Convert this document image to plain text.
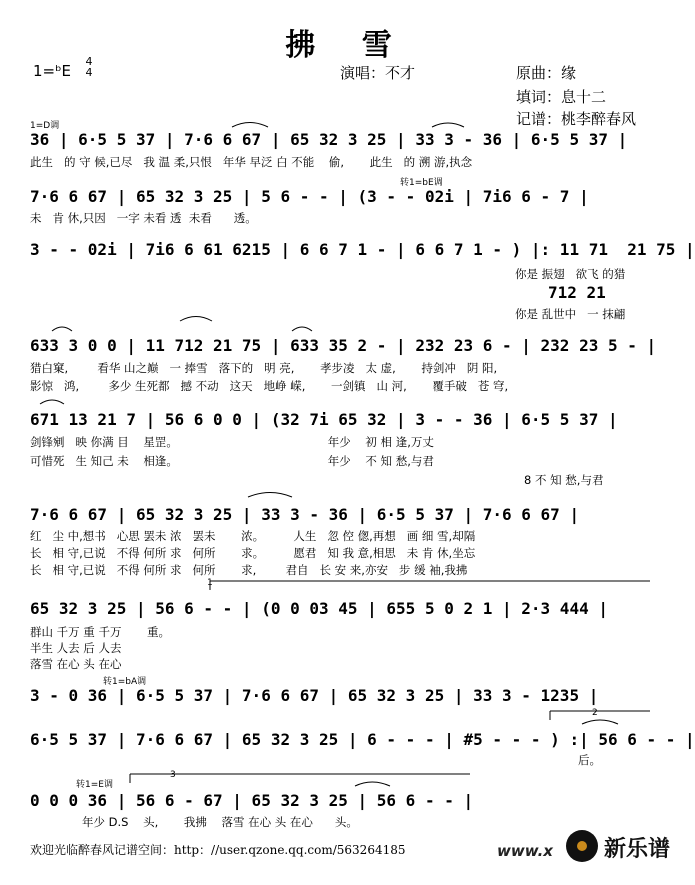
拂 雪
1=ᵇE
4
4	演唱：不才	原曲：缘
填词：息十二
记谱：桃李醉春风
1=D调
36 | 6·5 5 37 | 7·6 6 67 | 65 32 3 25 | 33 3 - 36 | 6·5 5 37 |
此生   的 守 候,已尽   我 温 柔,只恨   年华 早泛 白 不能    偷,       此生   的 溯 游,执念
转1=bE调
7·6 6 67 | 65 32 3 25 | 5 6 - - | (3 - - 02i | 7i6 6 - 7 |
未   肯 休,只因   一字 未看 透  未看      透。
3 - - 02i | 7i6 6 61 6215 | 6 6 7 1 - | 6 6 7 1 - ) |: 11 71  21 75 |
你是 振翅   欲飞 的猎
712 21
你是 乱世中   一 抹翩
633 3 0 0 | 11 712 21 75 | 633 35 2 - | 232 23 6 - | 232 23 5 - |
猎白窠,        看华 山之巅   一 捧雪   落下的   明 亮,       孝步凌   太 虚,       持剑冲   阴 阳,
影惊   鸿,        多少 生死都   撼 不动   这天   地峥 嵘,       一剑镇   山 河,       覆手破   苍 穹,
671 13 21 7 | 56 6 0 0 | (32 7i 65 32 | 3 - - 36 | 6·5 5 37 |
剑锋剜   映 你满 目    星罡。                                         年少    初 相 逢,万丈
可惜死   生 知己 未    相逢。                                         年少    不 知 愁,与君
8 不 知 愁,与君
7·6 6 67 | 65 32 3 25 | 33 3 - 36 | 6·5 5 37 | 7·6 6 67 |
红   尘 中,想书   心思 罢未 浓   罢未       浓。        人生   忽 倥 偬,再想   画 细 雪,却隔
长   相 守,已说   不得 何所 求   何所       求。        愿君   知 我 意,相思   未 肯 休,坐忘
长   相 守,已说   不得 何所 求   何所       求,        君自   长 安 来,亦安   步 缓 袖,我拂
1
65 32 3 25 | 56 6 - - | (0 0 03 45 | 655 5 0 2 1 | 2·3 444 |
群山 千万 重 千万       重。
半生 人去 后 人去
落雪 在心 头 在心
转1=bA调
3 - 0 36 | 6·5 5 37 | 7·6 6 67 | 65 32 3 25 | 33 3 - 1235 |
2
6·5 5 37 | 7·6 6 67 | 65 32 3 25 | 6 - - - | #5 - - - ) :| 56 6 - - |
后。
转1=E调
3
0 0 0 36 | 56 6 - 67 | 65 32 3 25 | 56 6 - - |
年少 D.S    头,       我拂    落雪 在心 头 在心      头。
欢迎光临醉春风记谱空间：http：//user.qzone.qq.com/563264185	www.x

新乐谱
